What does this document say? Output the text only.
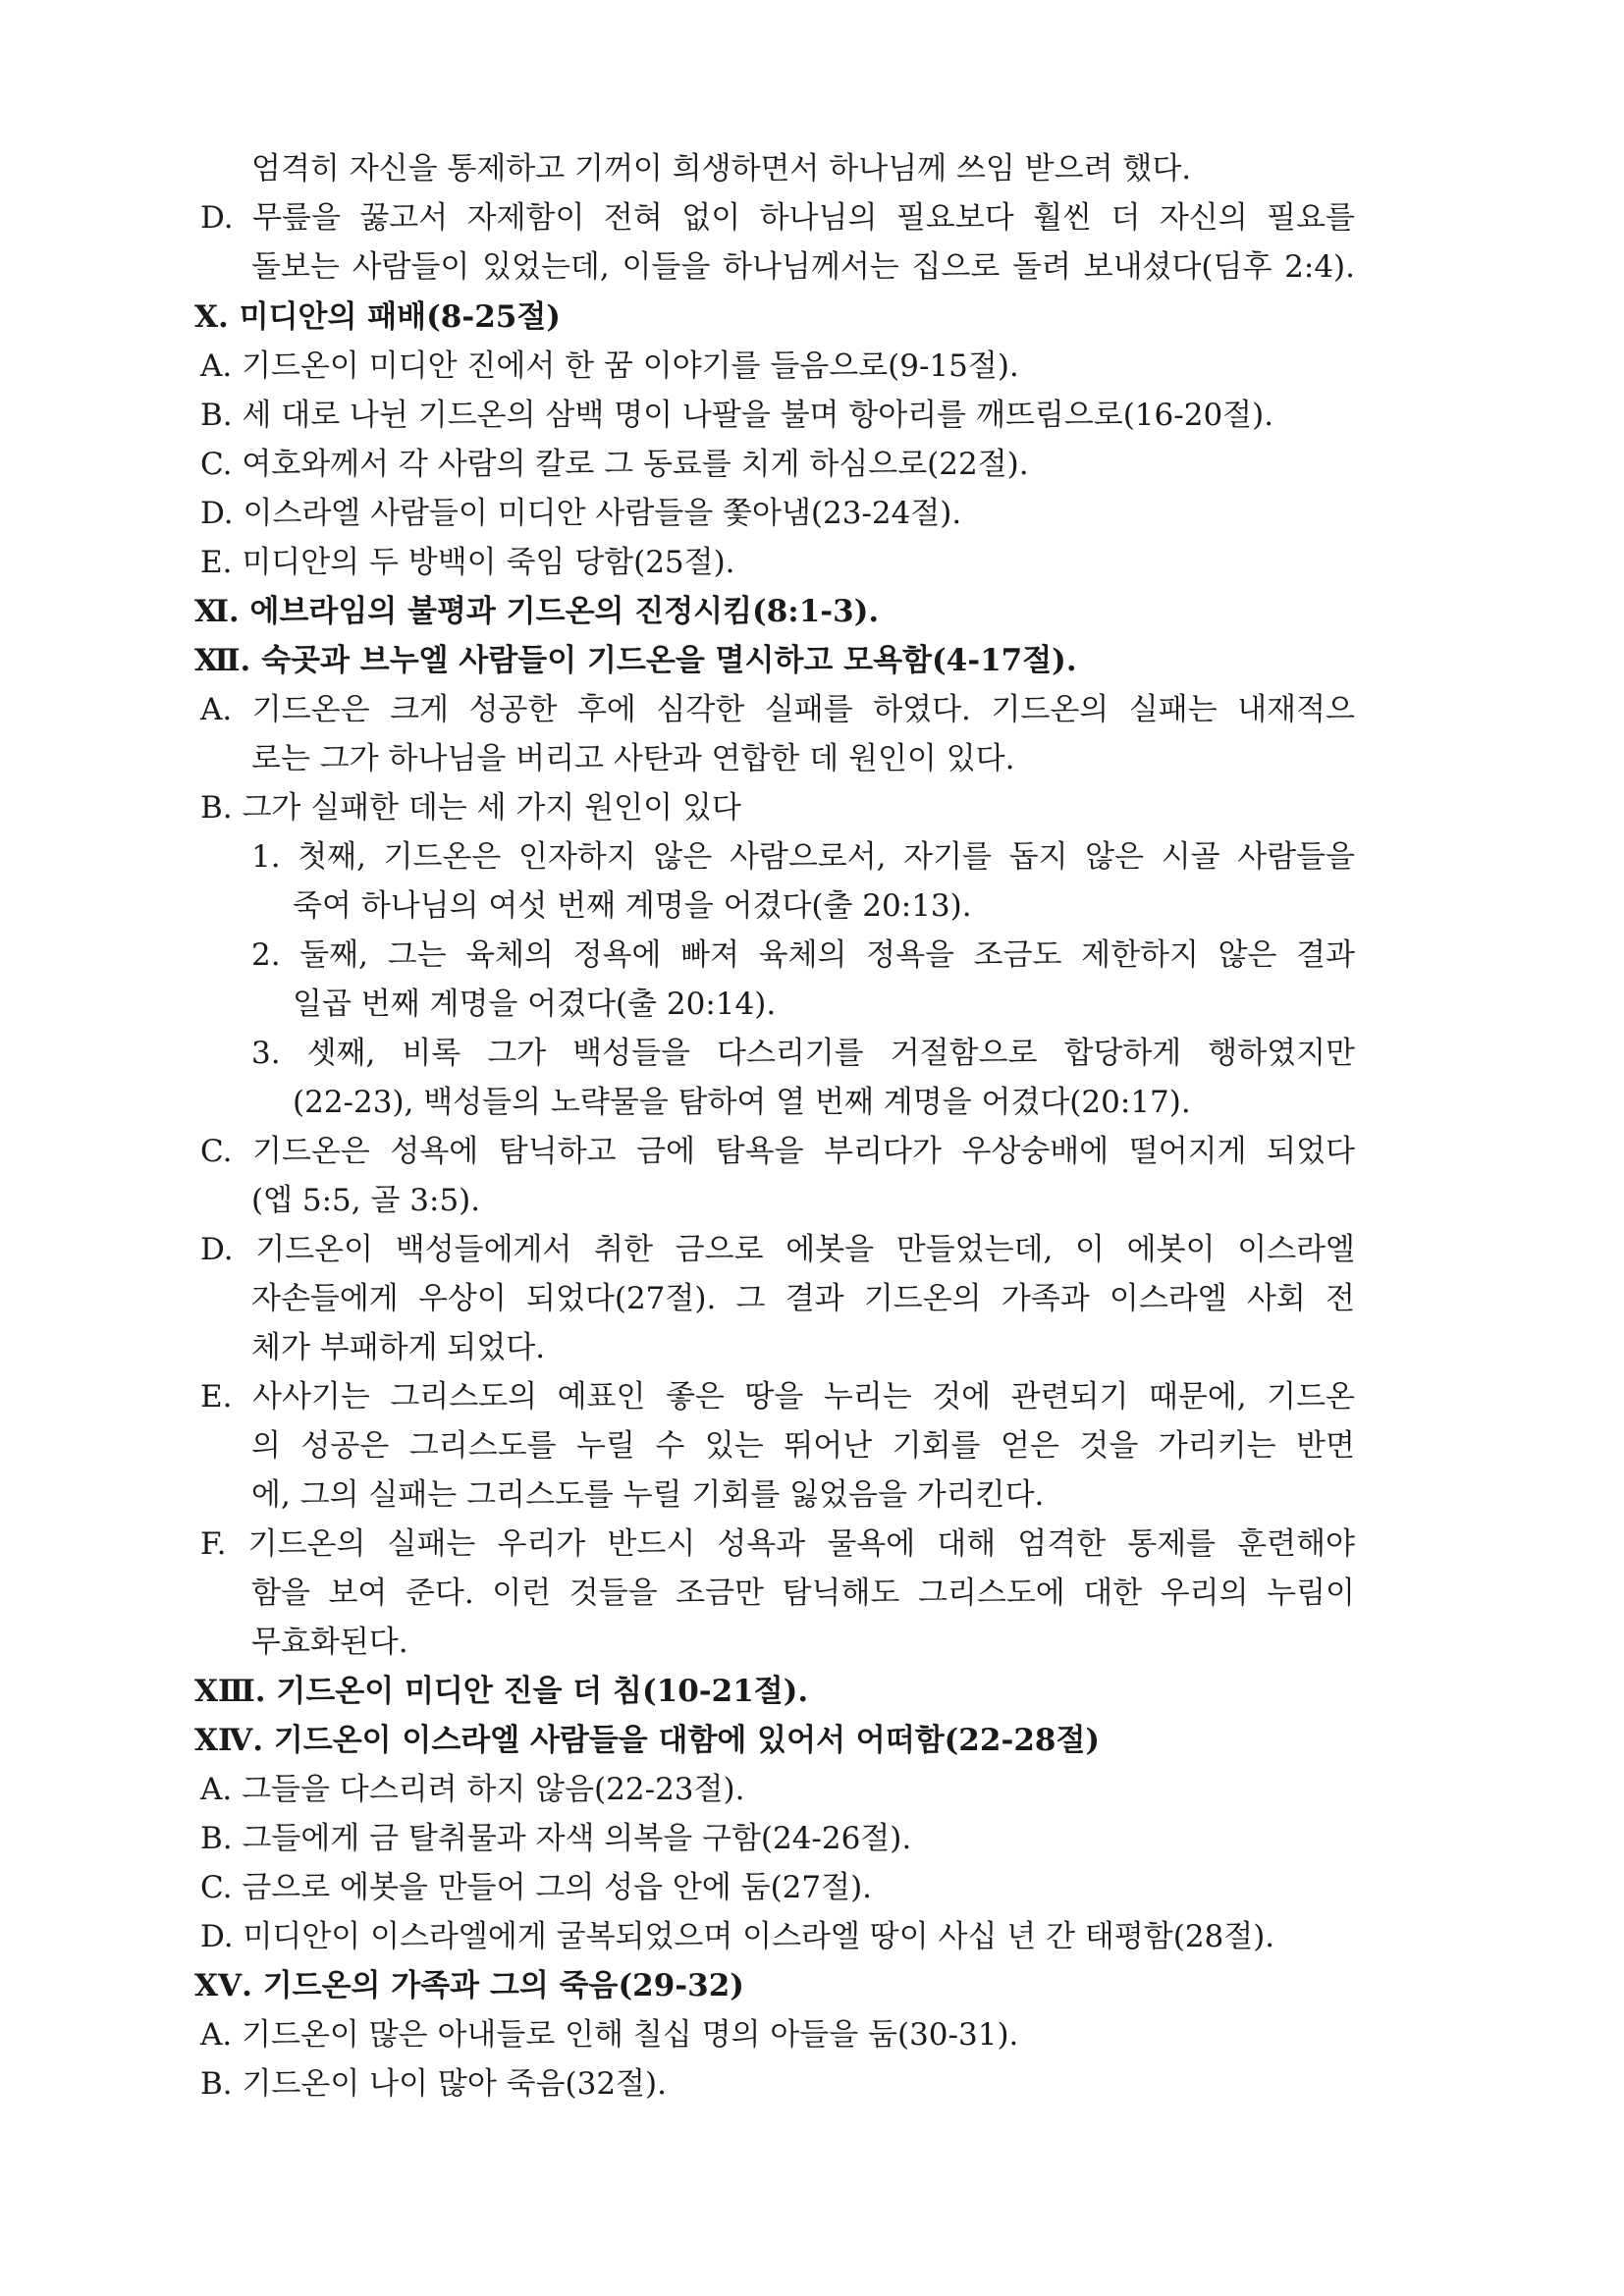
엄격히 자신을 통제하고 기꺼이 희생하면서 하나님께 쓰임 받으려 했다.

D. 무릎을 꿇고서 자제함이 전혀 없이 하나님의 필요보다 훨씬 더 자신의 필요를

돌보는 사람들이 있었는데, 이들을 하나님께서는 집으로 돌려 보내셨다(딤후 2:4).

Ⅹ. 미디안의 패배(8-25절)

A. 기드온이 미디안 진에서 한 꿈 이야기를 들음으로(9-15절).

B. 세 대로 나뉜 기드온의 삼백 명이 나팔을 불며 항아리를 깨뜨림으로(16-20절).

C. 여호와께서 각 사람의 칼로 그 동료를 치게 하심으로(22절).

D. 이스라엘 사람들이 미디안 사람들을 쫓아냄(23-24절).

E. 미디안의 두 방백이 죽임 당함(25절).

Ⅺ. 에브라임의 불평과 기드온의 진정시킴(8:1-3).

Ⅻ. 숙곳과 브누엘 사람들이 기드온을 멸시하고 모욕함(4-17절).

A. 기드온은 크게 성공한 후에 심각한 실패를 하였다. 기드온의 실패는 내재적으

로는 그가 하나님을 버리고 사탄과 연합한 데 원인이 있다.

B. 그가 실패한 데는 세 가지 원인이 있다

1. 첫째, 기드온은 인자하지 않은 사람으로서, 자기를 돕지 않은 시골 사람들을

죽여 하나님의 여섯 번째 계명을 어겼다(출 20:13).

2. 둘째, 그는 육체의 정욕에 빠져 육체의 정욕을 조금도 제한하지 않은 결과

일곱 번째 계명을 어겼다(출 20:14).

3. 셋째, 비록 그가 백성들을 다스리기를 거절함으로 합당하게 행하였지만

(22-23), 백성들의 노략물을 탐하여 열 번째 계명을 어겼다(20:17).

C. 기드온은 성욕에 탐닉하고 금에 탐욕을 부리다가 우상숭배에 떨어지게 되었다

(엡 5:5, 골 3:5).

D. 기드온이 백성들에게서 취한 금으로 에봇을 만들었는데, 이 에봇이 이스라엘

자손들에게 우상이 되었다(27절). 그 결과 기드온의 가족과 이스라엘 사회 전

체가 부패하게 되었다.

E. 사사기는 그리스도의 예표인 좋은 땅을 누리는 것에 관련되기 때문에, 기드온

의 성공은 그리스도를 누릴 수 있는 뛰어난 기회를 얻은 것을 가리키는 반면

에, 그의 실패는 그리스도를 누릴 기회를 잃었음을 가리킨다.

F. 기드온의 실패는 우리가 반드시 성욕과 물욕에 대해 엄격한 통제를 훈련해야

함을 보여 준다. 이런 것들을 조금만 탐닉해도 그리스도에 대한 우리의 누림이

무효화된다.

XⅢ. 기드온이 미디안 진을 더 침(10-21절).

XⅣ. 기드온이 이스라엘 사람들을 대함에 있어서 어떠함(22-28절)

A. 그들을 다스리려 하지 않음(22-23절).

B. 그들에게 금 탈취물과 자색 의복을 구함(24-26절).

C. 금으로 에봇을 만들어 그의 성읍 안에 둠(27절).

D. 미디안이 이스라엘에게 굴복되었으며 이스라엘 땅이 사십 년 간 태평함(28절).

XⅤ. 기드온의 가족과 그의 죽음(29-32)

A. 기드온이 많은 아내들로 인해 칠십 명의 아들을 둠(30-31).

B. 기드온이 나이 많아 죽음(32절).
